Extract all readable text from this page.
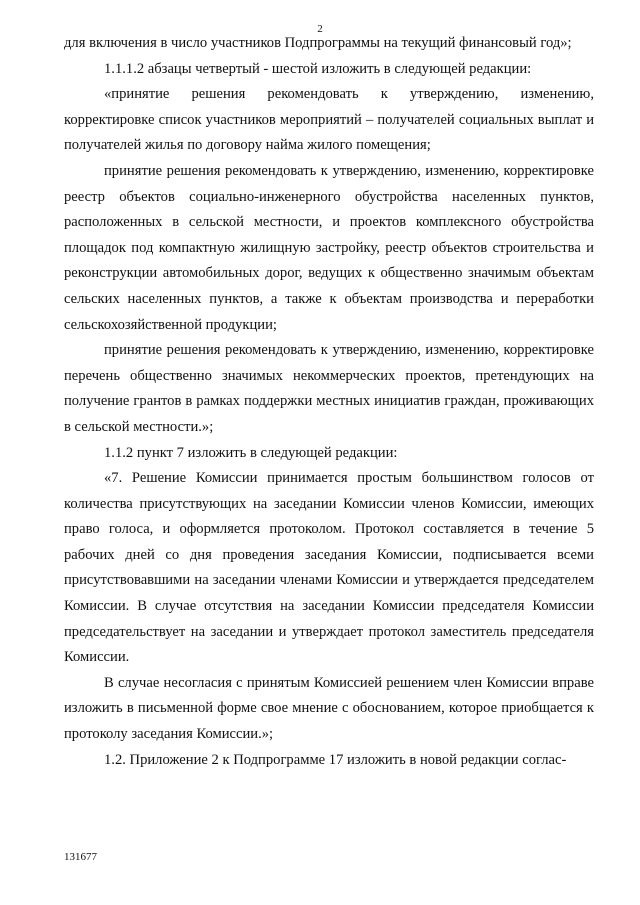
2

для включения в число участников Подпрограммы на текущий финансовый год»;

1.1.1.2 абзацы четвертый - шестой изложить в следующей редакции:

«принятие решения рекомендовать к утверждению, изменению, корректировке список участников мероприятий – получателей социальных выплат и получателей жилья по договору найма жилого помещения;

принятие решения рекомендовать к утверждению, изменению, корректировке реестр объектов социально-инженерного обустройства населенных пунктов, расположенных в сельской местности, и проектов комплексного обустройства площадок под компактную жилищную застройку, реестр объектов строительства и реконструкции автомобильных дорог, ведущих к общественно значимым объектам сельских населенных пунктов, а также к объектам производства и переработки сельскохозяйственной продукции;

принятие решения рекомендовать к утверждению, изменению, корректировке перечень общественно значимых некоммерческих проектов, претендующих на получение грантов в рамках поддержки местных инициатив граждан, проживающих в сельской местности.»;

1.1.2 пункт 7 изложить в следующей редакции:

«7. Решение Комиссии принимается простым большинством голосов от количества присутствующих на заседании Комиссии членов Комиссии, имеющих право голоса, и оформляется протоколом. Протокол составляется в течение 5 рабочих дней со дня проведения заседания Комиссии, подписывается всеми присутствовавшими на заседании членами Комиссии и утверждается председателем Комиссии. В случае отсутствия на заседании Комиссии председателя Комиссии председательствует на заседании и утверждает протокол заместитель председателя Комиссии.

В случае несогласия с принятым Комиссией решением член Комиссии вправе изложить в письменной форме свое мнение с обоснованием, которое приобщается к протоколу заседания Комиссии.»;

1.2. Приложение 2 к Подпрограмме 17 изложить в новой редакции соглас-

131677
